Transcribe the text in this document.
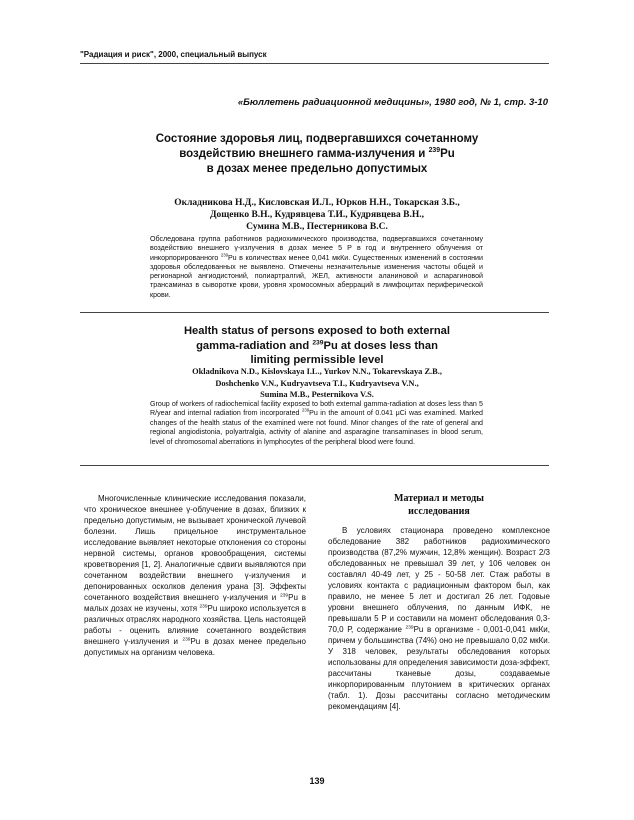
"Радиация и риск", 2000, специальный выпуск
«Бюллетень радиационной медицины», 1980 год, № 1, стр. 3-10
Состояние здоровья лиц, подвергавшихся сочетанному
воздействию внешнего гамма-излучения и $^{239}$Pu
в дозах менее предельно допустимых
Окладникова Н.Д., Кисловская И.Л., Юрков Н.Н., Токарская З.Б.,
Дощенко В.Н., Кудрявцева Т.И., Кудрявцева В.Н.,
Сумина М.В., Пестерникова В.С.
Обследована группа работников радиохимического производства, подвергавшихся сочетанному воздействию внешнего γ-излучения в дозах менее 5 Р в год и внутреннего облучения от инкорпорированного $^{239}$Pu в количествах менее 0,041 мкКи. Существенных изменений в состоянии здоровья обследованных не выявлено. Отмечены незначительные изменения частоты общей и регионарной ангиодистоний, полиартралгий, ЖЕЛ, активности аланиновой и аспарагиновой трансаминаз в сыворотке крови, уровня хромосомных аберраций в лимфоцитах периферической крови.
Health status of persons exposed to both external
gamma-radiation and $^{239}$Pu at doses less than
limiting permissible level
Okladnikova N.D., Kislovskaya I.L., Yurkov N.N., Tokarevskaya Z.B.,
Doshchenko V.N., Kudryavtseva T.I., Kudryavtseva V.N.,
Sumina M.B., Pesternikova V.S.
Group of workers of radiochemical facility exposed to both external gamma-radiation at doses less than 5 R/year and internal radiation from incorporated $^{239}$Pu in the amount of 0.041 μCi was examined. Marked changes of the health status of the examined were not found. Minor changes of the rate of general and regional angiodistonia, polyartralgia, activity of alanine and asparagine transaminases in blood serum, level of chromosomal aberrations in lymphocytes of the peripheral blood were found.

Многочисленные клинические исследования показали, что хроническое внешнее γ-облучение в дозах, близких к предельно допустимым, не вызывает хронической лучевой болезни. Лишь прицельное инструментальное исследование выявляет некоторые отклонения со стороны нервной системы, органов кровообращения, системы кроветворения [1, 2]. Аналогичные сдвиги выявляются при сочетанном воздействии внешнего γ-излучения и депонированных осколков деления урана [3]. Эффекты сочетанного воздействия внешнего γ-излучения и $^{239}$Pu в малых дозах не изучены, хотя $^{239}$Pu широко используется в различных отраслях народного хозяйства. Цель настоящей работы - оценить влияние сочетанного воздействия внешнего γ-излучения и $^{239}$Pu в дозах менее предельно допустимых на организм человека.

Материал и методы
исследования

В условиях стационара проведено комплексное обследование 382 работников радиохимического производства (87,2% мужчин, 12,8% женщин). Возраст 2/3 обследованных не превышал 39 лет, у 106 человек он составлял 40-49 лет, у 25 - 50-58 лет. Стаж работы в условиях контакта с радиационным фактором был, как правило, не менее 5 лет и достигал 26 лет. Годовые уровни внешнего облучения, по данным ИФК, не превышали 5 Р и составили на момент обследования 0,3-70,0 Р, содержание $^{239}$Pu в организме - 0,001-0,041 мкКи, причем у большинства (74%) оно не превышало 0,02 мкКи. У 318 человек, результаты обследования которых использованы для определения зависимости доза-эффект, рассчитаны тканевые дозы, создаваемые инкорпорированным плутонием в критических органах (табл. 1). Дозы рассчитаны согласно методическим рекомендациям [4].

139
